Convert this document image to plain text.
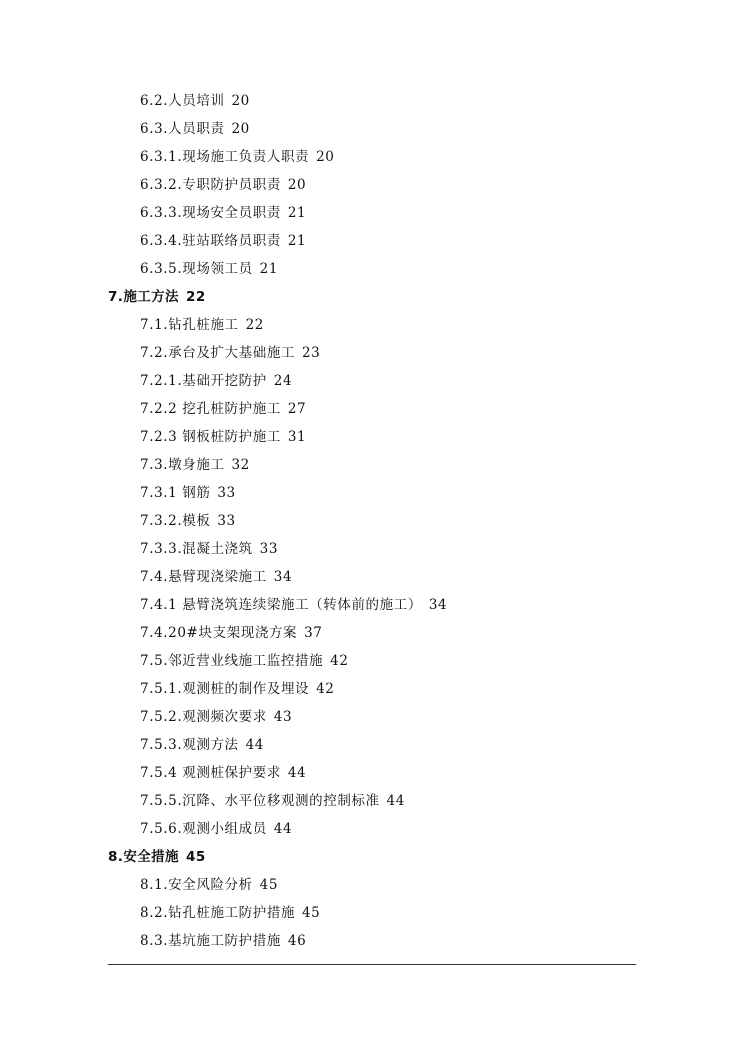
6.2.人员培训 20
6.3.人员职责 20
6.3.1.现场施工负责人职责 20
6.3.2.专职防护员职责 20
6.3.3.现场安全员职责 21
6.3.4.驻站联络员职责 21
6.3.5.现场领工员 21
7.施工方法 22
7.1.钻孔桩施工 22
7.2.承台及扩大基础施工 23
7.2.1.基础开挖防护 24
7.2.2 挖孔桩防护施工 27
7.2.3 钢板桩防护施工 31
7.3.墩身施工 32
7.3.1 钢筋 33
7.3.2.模板 33
7.3.3.混凝土浇筑 33
7.4.悬臂现浇梁施工 34
7.4.1 悬臂浇筑连续梁施工（转体前的施工） 34
7.4.20#块支架现浇方案 37
7.5.邻近营业线施工监控措施 42
7.5.1.观测桩的制作及埋设 42
7.5.2.观测频次要求 43
7.5.3.观测方法 44
7.5.4 观测桩保护要求 44
7.5.5.沉降、水平位移观测的控制标准 44
7.5.6.观测小组成员 44
8.安全措施 45
8.1.安全风险分析 45
8.2.钻孔桩施工防护措施 45
8.3.基坑施工防护措施 46
